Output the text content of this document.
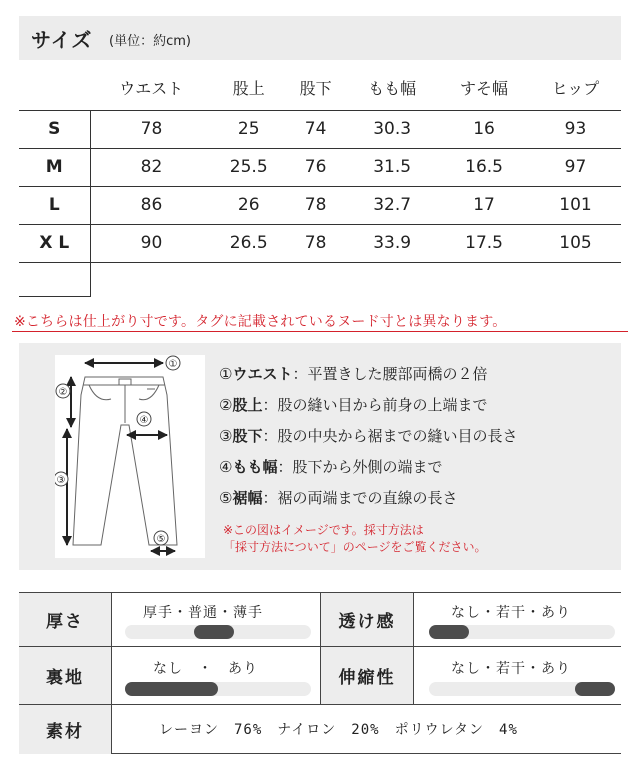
サイズ (単位：約cm)
	ウエスト	股上	股下	もも幅	すそ幅	ヒップ
S	78	25	74	30.3	16	93
M	82	25.5	76	31.5	16.5	97
L	86	26	78	32.7	17	101
X L	90	26.5	78	33.9	17.5	105

※こちらは仕上がり寸です。タグに記載されているヌード寸とは異なります。
①
②
③
④
⑤
①ウエスト：平置きした腰部両橋の２倍
②股上：股の縫い目から前身の上端まで
③股下：股の中央から裾までの縫い目の長さ
④もも幅：股下から外側の端まで
⑤裾幅：裾の両端までの直線の長さ
※この図はイメージです。採寸方法は
「採寸方法について」のページをご覧ください。
厚さ	厚手・普通・薄手	透け感	なし・若干・あり
裏地	なし　・　あり	伸縮性	なし・若干・あり
素材	レーヨン　76%　ナイロン　20%　ポリウレタン　4%
